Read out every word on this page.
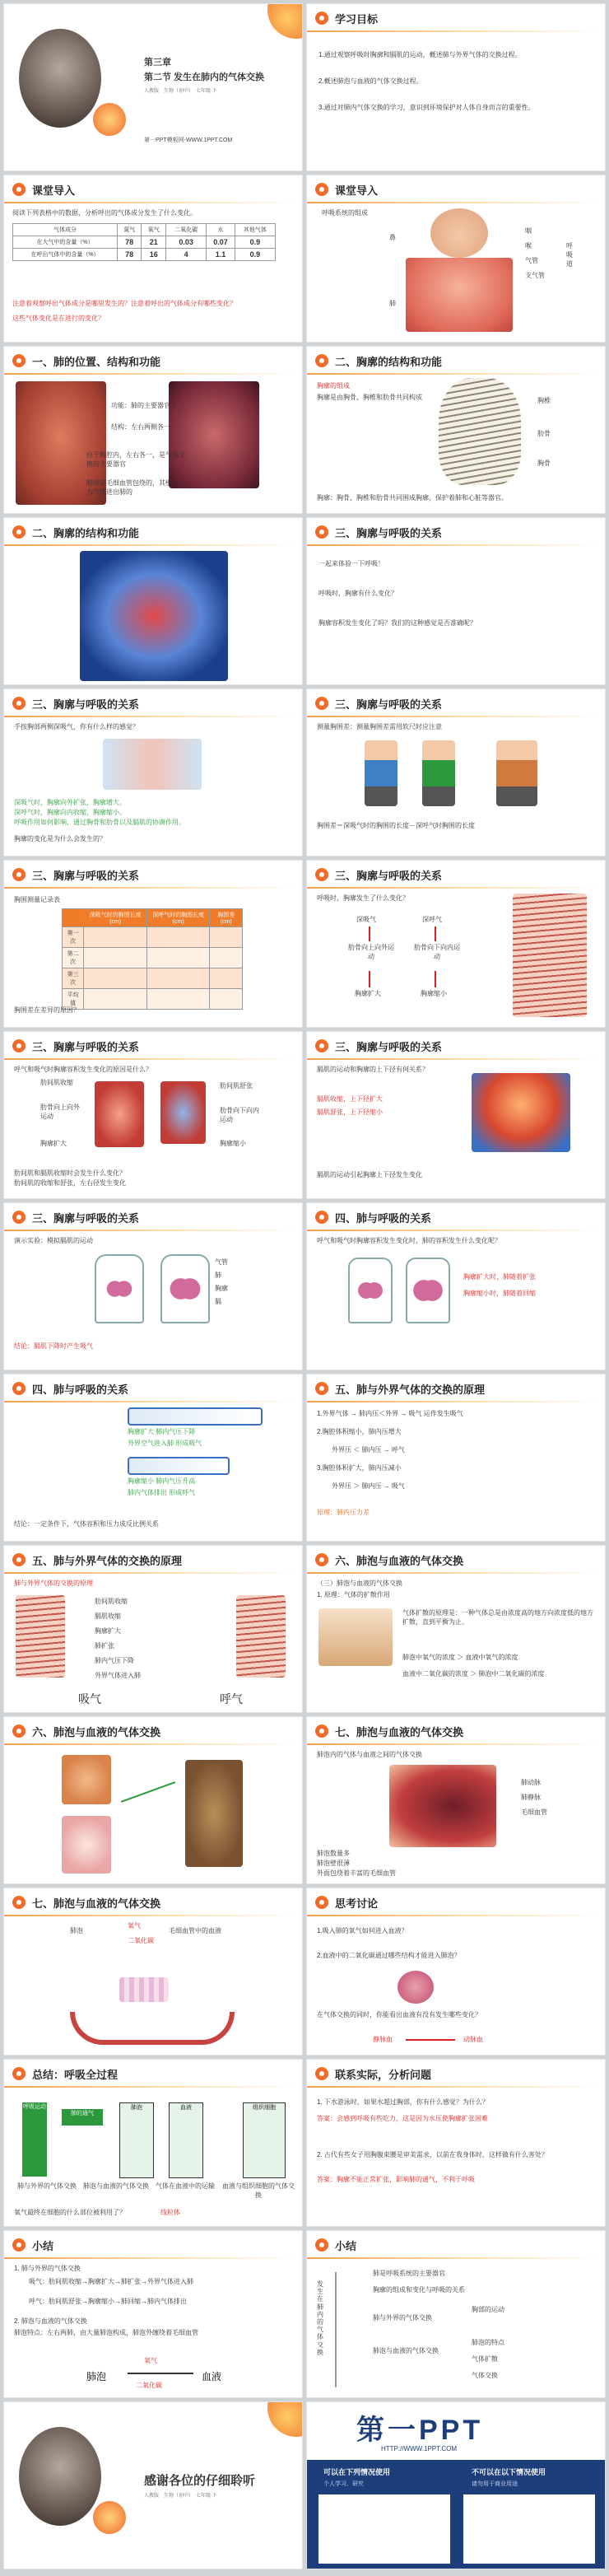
第三章
第二节 发生在肺内的气体交换
人教版　生物（初中）　七年级 下
第一PPT模板网-WWW.1PPT.COM
学习目标
1.通过观察呼吸时胸廓和膈肌的运动，概述肺与外界气体的交换过程。
2.概述肺泡与血液的气体交换过程。
3.通过对肺内气体交换的学习，意识到环境保护对人体自身而言的重要性。
课堂导入
阅读下列表格中的数据，分析呼出的气体成分发生了什么变化。
气体成分	氮气	氧气	二氧化碳	水	其他气体
在大气中的含量（%）	78	21	0.03	0.07	0.9
在呼出气体中的含量（%）	78	16	4	1.1	0.9
注意着观察呼出气体成分是哪里发生的？注意着呼出的气体成分有哪些变化？
这些气体变化是在进行的变化？
课堂导入
呼吸系统的组成
鼻
咽
喉
气管
支气管
肺
呼吸道
一、肺的位置、结构和功能
功能：肺的主要器官之一
结构：左右两侧各一
位于胸腔内，左右各一，是气体交换的主要器官
肺泡是毛细血管包绕的，其壁为气体进出肺的
二、胸廓的结构和功能
胸廓的组成
胸廓是由胸骨、胸椎和肋骨共同构成	胸椎
肋骨
胸骨
胸廓：胸骨、胸椎和肋骨共同围成胸廓，保护着肺和心脏等器官。
二、胸廓的结构和功能	三、胸廓与呼吸的关系
一起来体验一下呼吸！
呼吸时，胸廓有什么变化？
胸廓容积发生变化了吗？我们的这种感觉是否准确呢？
三、胸廓与呼吸的关系
手按胸部两侧深吸气，你有什么样的感觉？
深吸气时，胸廓向外扩张，胸廓增大。
深呼气时，胸廓向内收缩，胸廓缩小。
呼吸作用如何影响，通过胸骨和肋骨以及膈肌的协调作用。
胸廓的变化是为什么会发生的？
三、胸廓与呼吸的关系
测量胸围差：测量胸围差需用软尺时应注意
胸围差＝深吸气时的胸围的长度－深呼气时胸围的长度
三、胸廓与呼吸的关系
胸围测量记录表
	深吸气时的胸围长度(cm)	深呼气时的胸围长度(cm)	胸围差(cm)
第一次			
第二次			
第三次			
平均值			
胸围差在差异的原因？
三、胸廓与呼吸的关系
呼吸时，胸廓发生了什么变化？
深吸气	深呼气
肋骨向上向外运动
肋骨向下向内运动
胸廓扩大	胸廓缩小
三、胸廓与呼吸的关系
呼气和吸气时胸廓容积发生变化的原因是什么？
肋间肌收缩
肋骨向上向外运动
胸廓扩大
肋间肌舒张
肋骨向下向内运动
胸廓缩小
肋间肌和膈肌收缩时会发生什么变化？
肋间肌的收缩和舒张，左右径发生变化
三、胸廓与呼吸的关系
膈肌的运动和胸廓的上下径有何关系？
膈肌收缩，上下径扩大
膈肌舒张，上下径缩小
膈肌的运动引起胸廓上下径发生变化
三、胸廓与呼吸的关系
演示实验：模拟膈肌的运动
气管
肺
胸廓
膈
结论：膈肌下降时产生吸气
四、肺与呼吸的关系
呼气和吸气时胸廓容积发生变化时，肺的容积发生什么变化呢？
胸廓扩大时，肺随着扩张
胸廓缩小时，肺随着回缩
四、肺与呼吸的关系
胸廓扩大 肺内气压下降
外界空气进入肺 形成吸气
胸廓缩小 肺内气压升高
肺内气体排出 形成呼气
结论：一定条件下，气体容积和压力成反比例关系
五、肺与外界气体的交换的原理
1.外界气体 → 肺内压＜外界 → 吸气 运作发生吸气
2.胸腔体积缩小，肺内压增大
外界压 ＜ 肺内压 → 呼气
3.胸腔体积扩大，肺内压减小
外界压 ＞ 肺内压 → 吸气
原理：肺内压力差
五、肺与外界气体的交换的原理
肺与外界气体的交换的原理
肋间肌收缩
膈肌收缩
胸廓扩大
肺扩张
肺内气压下降
外界气体进入肺
吸气	呼气
六、肺泡与血液的气体交换
（三）肺泡与血液的气体交换
1. 原理：气体的扩散作用
气体扩散的原理是：一种气体总是由浓度高的地方向浓度低的地方扩散，直到平衡为止。
肺泡中氧气的浓度 ＞ 血液中氧气的浓度
血液中二氧化碳的浓度 ＞ 肺泡中二氧化碳的浓度
六、肺泡与血液的气体交换	七、肺泡与血液的气体交换
肺泡内的气体与血液之间的气体交换
肺动脉
肺静脉
毛细血管
肺泡数量多
肺泡壁很薄
外面包绕着丰富的毛细血管
七、肺泡与血液的气体交换
肺泡	毛细血管中的血液
氧气
二氧化碳
思考讨论
1.吸入肺的氧气如何进入血液？
2.血液中的二氧化碳通过哪些结构才能进入肺泡？
在气体交换的同时，你能看出血液有没有发生哪些变化？
静脉血	动脉血
总结：呼吸全过程
呼吸运动
肺的通气
肺泡	血液	组织细胞
肺与外界的气体交换	肺泡与血液的气体交换	气体在血液中的运输	血液与组织细胞的气体交换
氧气最终在细胞的什么部位被利用了？	线粒体
联系实际，分析问题
1. 下水游泳时，如果水超过胸部，你有什么感觉？为什么？
答案：会感到呼吸有些吃力，这是因为水压使胸廓扩张困难
2. 古代有些女子用胸腹束腰是审美需求，以前在我身体时，这样做有什么害处？
答案：胸廓不能正常扩张，影响肺的通气，不利于呼吸
小结
1. 肺与外界的气体交换
吸气：肋间肌收缩→胸廓扩大→肺扩张→外界气体进入肺
呼气：肋间肌舒张→胸廓缩小→肺回缩→肺内气体排出
2. 肺泡与血液的气体交换
肺泡特点：左右两肺，由大量肺泡构成，肺泡外缠绕着毛细血管
肺泡
氧气
二氧化碳
血液
小结
发生在肺内的气体交换
肺是呼吸系统的主要器官
胸廓的组成和变化与呼吸的关系
肺与外界的气体交换
肺泡与血液的气体交换
胸部的运动
肺泡的特点
气体扩散
气体交换
感谢各位的仔细聆听
人教版　生物（初中）　七年级 下
第一PPT
HTTP://WWW.1PPT.COM
可以在下列情况使用	不可以在以下情况使用
个人学习、研究	请勿用于商业用途
